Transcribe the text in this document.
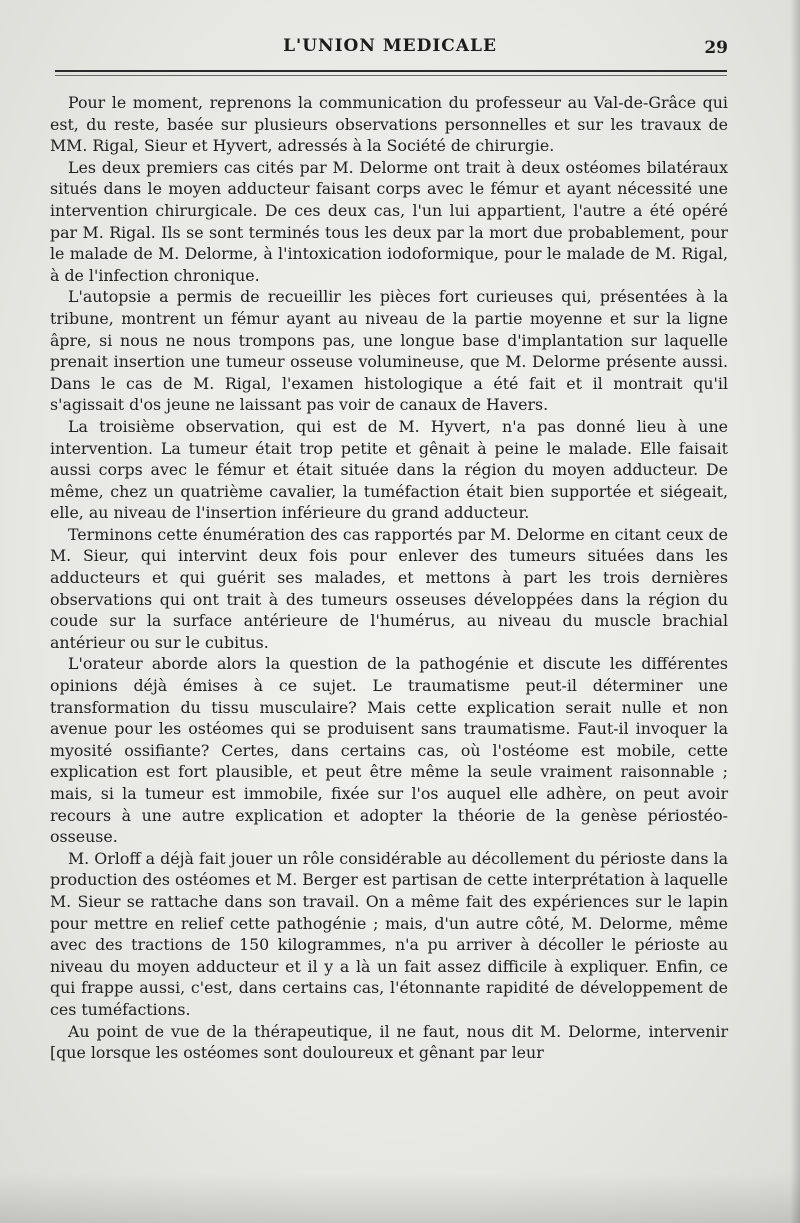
L'UNION MEDICALE	29

Pour le moment, reprenons la communication du professeur au Val-de-Grâce qui est, du reste, basée sur plusieurs observations personnelles et sur les travaux de MM. Rigal, Sieur et Hyvert, adressés à la Société de chirurgie.

Les deux premiers cas cités par M. Delorme ont trait à deux ostéomes bilatéraux situés dans le moyen adducteur faisant corps avec le fémur et ayant nécessité une intervention chirurgicale. De ces deux cas, l'un lui appartient, l'autre a été opéré par M. Rigal. Ils se sont terminés tous les deux par la mort due probablement, pour le malade de M. Delorme, à l'intoxication iodoformique, pour le malade de M. Rigal, à de l'infection chronique.

L'autopsie a permis de recueillir les pièces fort curieuses qui, présentées à la tribune, montrent un fémur ayant au niveau de la partie moyenne et sur la ligne âpre, si nous ne nous trompons pas, une longue base d'implantation sur laquelle prenait insertion une tumeur osseuse volumineuse, que M. Delorme présente aussi. Dans le cas de M. Rigal, l'examen histologique a été fait et il montrait qu'il s'agissait d'os jeune ne laissant pas voir de canaux de Havers.

La troisième observation, qui est de M. Hyvert, n'a pas donné lieu à une intervention. La tumeur était trop petite et gênait à peine le malade. Elle faisait aussi corps avec le fémur et était située dans la région du moyen adducteur. De même, chez un quatrième cavalier, la tuméfaction était bien supportée et siégeait, elle, au niveau de l'insertion inférieure du grand adducteur.

Terminons cette énumération des cas rapportés par M. Delorme en citant ceux de M. Sieur, qui intervint deux fois pour enlever des tumeurs situées dans les adducteurs et qui guérit ses malades, et mettons à part les trois dernières observations qui ont trait à des tumeurs osseuses développées dans la région du coude sur la surface antérieure de l'humérus, au niveau du muscle brachial antérieur ou sur le cubitus.

L'orateur aborde alors la question de la pathogénie et discute les différentes opinions déjà émises à ce sujet. Le traumatisme peut-il déterminer une transformation du tissu musculaire? Mais cette explication serait nulle et non avenue pour les ostéomes qui se produisent sans traumatisme. Faut-il invoquer la myosité ossifiante? Certes, dans certains cas, où l'ostéome est mobile, cette explication est fort plausible, et peut être même la seule vraiment raisonnable ; mais, si la tumeur est immobile, fixée sur l'os auquel elle adhère, on peut avoir recours à une autre explication et adopter la théorie de la genèse périostéo-osseuse.

M. Orloff a déjà fait jouer un rôle considérable au décollement du périoste dans la production des ostéomes et M. Berger est partisan de cette interprétation à laquelle M. Sieur se rattache dans son travail. On a même fait des expériences sur le lapin pour mettre en relief cette pathogénie ; mais, d'un autre côté, M. Delorme, même avec des tractions de 150 kilogrammes, n'a pu arriver à décoller le périoste au niveau du moyen adducteur et il y a là un fait assez difficile à expliquer. Enfin, ce qui frappe aussi, c'est, dans certains cas, l'étonnante rapidité de développement de ces tuméfactions.

Au point de vue de la thérapeutique, il ne faut, nous dit M. Delorme, intervenir [que lorsque les ostéomes sont douloureux et gênant par leur
